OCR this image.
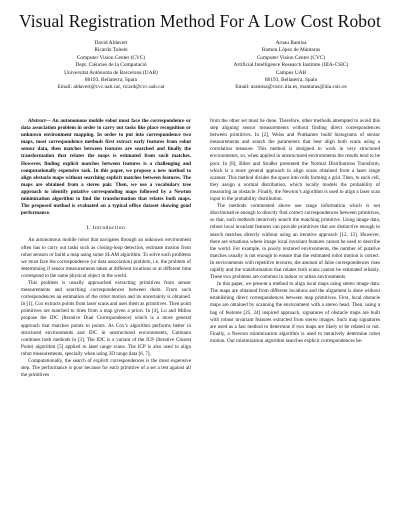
Visual Registration Method For A Low Cost Robot
David Aldavert
Ricardo Toledo
Computer Vision Center (CVC)
Dept. Ciències de la Computació
Universitat Autònoma de Barcelona (UAB)
08193, Bellaterra, Spain
Email: aldavert@cvc.uab.cat, ricard@cvc.uab.cat
Arnau Ramisa
Ramon López de Mántaras
Computer Vision Center (CVC)
Artificial Intelligence Research Institute (IIIA-CSIC)
Campus UAB
08193, Bellaterra, Spain
Email: aramisa@cssic.iiia.es, mantaras@iiia.csic.es

Abstract— An autonomous mobile robot must face the correspondence or data association problem in order to carry out tasks like place recognition or unknown environment mapping. In order to put into correspondence two maps, most correspondence methods first extract early features from robot sensor data, then matches between features are searched and finally the transformation that relates the maps is estimated from such matches. However, finding explicit matches between features is a challenging and computationally expensive task. In this paper, we propose a new method to align obstacle maps without searching explicit matches between features. The maps are obtained from a stereo pair. Then, we use a vocabulary tree approach to identify putative corresponding maps followed by a Newton minimization algorithm to find the transformation that relates both maps. The proposed method is evaluated on a typical office dataset showing good performance.

I. Introduction

An autonomous mobile robot that navigates through an unknown environment often has to carry out tasks such as closing-loop detection, estimate motion from robot sensors or build a map using some SLAM algorithm. To solve such problems we must face the correspondence (or data association) problem, i.e. the problem of determining if sensor measurements taken at different locations or at different time correspond to the same physical object in the world.

This problem is usually approached extracting primitives from sensor measurements and searching correspondences between them. From such correspondences an estimation of the robot motion and its uncertainty is obtained. In [1], Cox extracts points from laser scans and uses them as primitives. Then point primitives are matched to lines from a map given a priori. In [4], Lu and Milios propose the IDC (Iterative Dual Correspondence) which is a more general approach that matches points to points. As Cox’s algorithm performs better in structured environments and IDC in unstructured environments, Gutmann combines both methods in [3]. The IDC is a variant of the ICP (Iterative Closest Point) algorithm [5] applied to laser range scans. The ICP is also used to align robot measurements, specially when using 3D range data [6, 7].

Computationally, the search of explicit correspondences is the most expensive step. The performance is poor because for each primitive of a set a test against all the primitives

from the other set must be done. Therefore, other methods attempted to avoid this step aligning sensor measurements without finding direct correspondences between primitives. In [2], Weiss and Puttkamer build histograms of sensor measurements and search the parameters that best align both scans using a correlation measure. This method is designed to work in very structured environments, so, when applied in unstructured environments the results tend to be poor. In [8], Biber and Straßer presented the Normal Distributions Transform, which is a more general approach to align scans obtained from a laser range scanner. This method divides the space into cells forming a grid. Then, to each cell, they assign a normal distribution, which locally models the probability of measuring an obstacle. Finally, the Newton’s algorithm is used to align a laser scan input to the probability distribution.

The methods commented above use range information which is not discriminative enough to directly find correct correspondences between primitives, so that, such methods iteratively search the matching primitive. Using image data, robust local invariant features can provide primitives that are distinctive enough to search matches directly without using an iterative approach [12, 13]. However, there are situations where image local invariant features cannot be used to describe the world. For example, in poorly textured environments, the number of putative matches usually is not enough to ensure that the estimated robot motion is correct. In environments with repetitive textures, the amount of false correspondences rises rapidly and the transformation that relates both scans cannot be estimated reliably. These two problems are common in indoor or urban environments.

In this paper, we present a method to align local maps using stereo image data. The maps are obtained from different locations and the alignment is done without establishing direct correspondences between map primitives. First, local obstacle maps are obtained by scanning the environment with a stereo head. Then, using a bag of features [25, 24] inspired approach, signatures of obstacle maps are built with robust invariant features extracted from stereo images. Such map signatures are used as a fast method to determine if two maps are likely to be related or not. Finally, a Newton minimization algorithm is used to iteratively determine robot motion. Our minimization algorithm searches explicit correspondences be-
